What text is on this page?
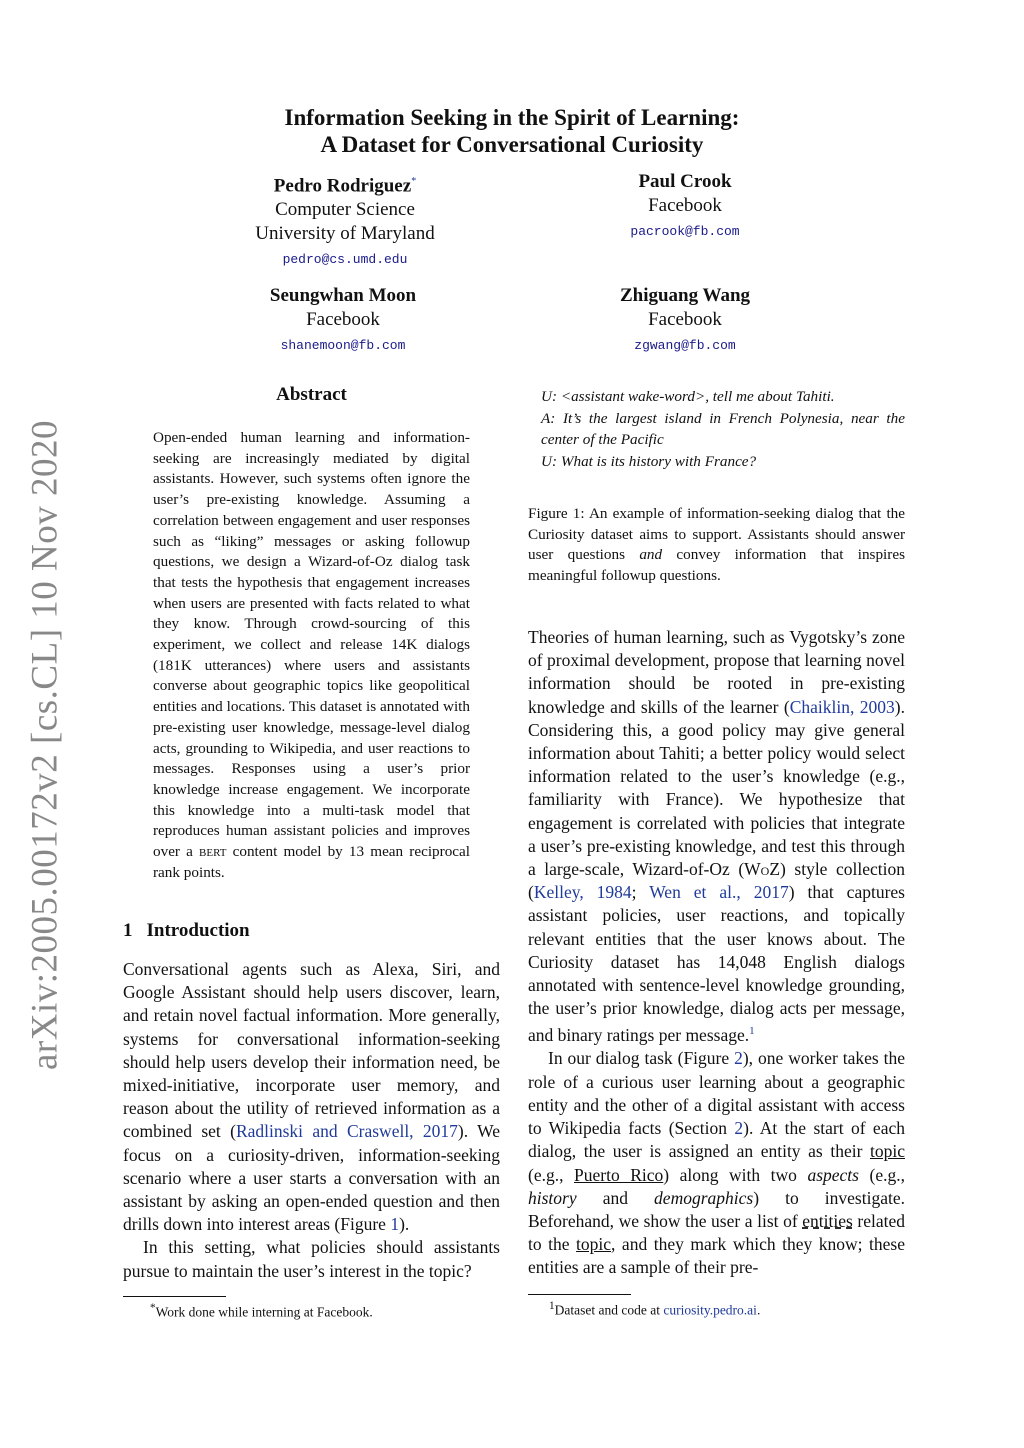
arXiv:2005.00172v2 [cs.CL] 10 Nov 2020
Information Seeking in the Spirit of Learning:
A Dataset for Conversational Curiosity
Pedro Rodriguez*
Computer Science
University of Maryland
pedro@cs.umd.edu
Paul Crook
Facebook
pacrook@fb.com
Seungwhan Moon
Facebook
shanemoon@fb.com
Zhiguang Wang
Facebook
zgwang@fb.com
Abstract
Open-ended human learning and information-seeking are increasingly mediated by digital assistants. However, such systems often ignore the user’s pre-existing knowledge. Assuming a correlation between engagement and user responses such as “liking” messages or asking followup questions, we design a Wizard-of-Oz dialog task that tests the hypothesis that engagement increases when users are presented with facts related to what they know. Through crowd-sourcing of this experiment, we collect and release 14K dialogs (181K utterances) where users and assistants converse about geographic topics like geopolitical entities and locations. This dataset is annotated with pre-existing user knowledge, message-level dialog acts, grounding to Wikipedia, and user reactions to messages. Responses using a user’s prior knowledge increase engagement. We incorporate this knowledge into a multi-task model that reproduces human assistant policies and improves over a bert content model by 13 mean reciprocal rank points.
1 Introduction

Conversational agents such as Alexa, Siri, and Google Assistant should help users discover, learn, and retain novel factual information. More generally, systems for conversational information-seeking should help users develop their information need, be mixed-initiative, incorporate user memory, and reason about the utility of retrieved information as a combined set (Radlinski and Craswell, 2017). We focus on a curiosity-driven, information-seeking scenario where a user starts a conversation with an assistant by asking an open-ended question and then drills down into interest areas (Figure 1).

In this setting, what policies should assistants pursue to maintain the user’s interest in the topic?

*Work done while interning at Facebook.
U: <assistant wake-word>, tell me about Tahiti.
A: It’s the largest island in French Polynesia, near the center of the Pacific
U: What is its history with France?
Figure 1: An example of information-seeking dialog that the Curiosity dataset aims to support. Assistants should answer user questions and convey information that inspires meaningful followup questions.

Theories of human learning, such as Vygotsky’s zone of proximal development, propose that learning novel information should be rooted in pre-existing knowledge and skills of the learner (Chaiklin, 2003). Considering this, a good policy may give general information about Tahiti; a better policy would select information related to the user’s knowledge (e.g., familiarity with France). We hypothesize that engagement is correlated with policies that integrate a user’s pre-existing knowledge, and test this through a large-scale, Wizard-of-Oz (WoZ) style collection (Kelley, 1984; Wen et al., 2017) that captures assistant policies, user reactions, and topically relevant entities that the user knows about. The Curiosity dataset has 14,048 English dialogs annotated with sentence-level knowledge grounding, the user’s prior knowledge, dialog acts per message, and binary ratings per message.$^1$

In our dialog task (Figure 2), one worker takes the role of a curious user learning about a geographic entity and the other of a digital assistant with access to Wikipedia facts (Section 2). At the start of each dialog, the user is assigned an entity as their topic (e.g., Puerto Rico) along with two aspects (e.g., history and demographics) to investigate. Beforehand, we show the user a list of entities related to the topic, and they mark which they know; these entities are a sample of their pre-

$^1$Dataset and code at curiosity.pedro.ai.
